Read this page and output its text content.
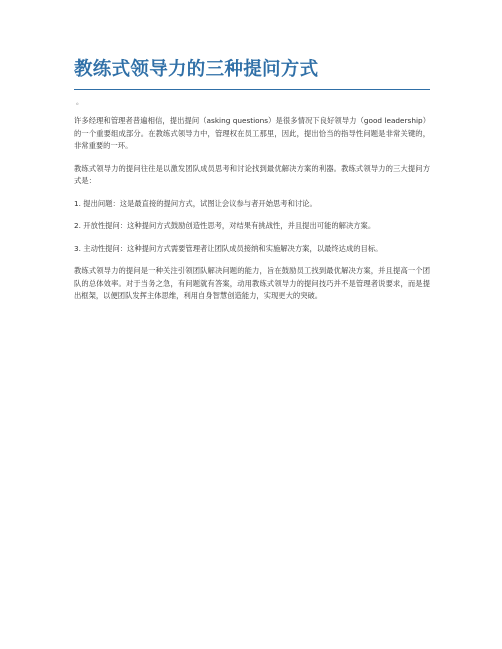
教练式领导力的三种提问方式
。

许多经理和管理者普遍相信，提出提问（asking questions）是很多情况下良好领导力（good leadership）的一个重要组成部分。在教练式领导力中，管理权在员工那里，因此，提出恰当的指导性问题是非常关键的，非常重要的一环。

教练式领导力的提问往往是以激发团队成员思考和讨论找到最优解决方案的利器。教练式领导力的三大提问方式是：

1. 提出问题：这是最直接的提问方式，试图让会议参与者开始思考和讨论。

2. 开放性提问：这种提问方式鼓励创造性思考，对结果有挑战性，并且提出可能的解决方案。

3. 主动性提问：这种提问方式需要管理者让团队成员接纳和实施解决方案，以最终达成的目标。

教练式领导力的提问是一种关注引领团队解决问题的能力，旨在鼓励员工找到最优解决方案，并且提高一个团队的总体效率。对于当务之急，有问题就有答案，动用教练式领导力的提问技巧并不是管理者说要求，而是提出框架，以便团队发挥主体思维，利用自身智慧创造能力，实现更大的突破。
